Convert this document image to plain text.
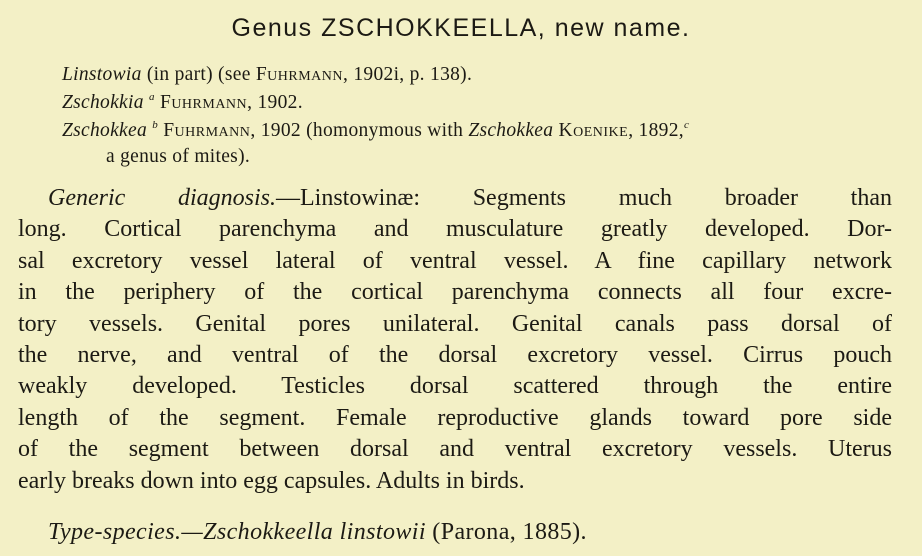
Genus ZSCHOKKEELLA, new name.
Linstowia (in part) (see Fuhrmann, 1902i, p. 138).
Zschokkia $^a$ Fuhrmann, 1902.
Zschokkea $^b$ Fuhrmann, 1902 (homonymous with Zschokkea Koenike, 1892,$^c$
a genus of mites).
Generic diagnosis.—Linstowinæ: Segments much broader than
long. Cortical parenchyma and musculature greatly developed. Dor-
sal excretory vessel lateral of ventral vessel. A fine capillary network
in the periphery of the cortical parenchyma connects all four excre-
tory vessels. Genital pores unilateral. Genital canals pass dorsal of
the nerve, and ventral of the dorsal excretory vessel. Cirrus pouch
weakly developed. Testicles dorsal scattered through the entire
length of the segment. Female reproductive glands toward pore side
of the segment between dorsal and ventral excretory vessels. Uterus
early breaks down into egg capsules. Adults in birds.
Type-species.—Zschokkeella linstowii (Parona, 1885).
